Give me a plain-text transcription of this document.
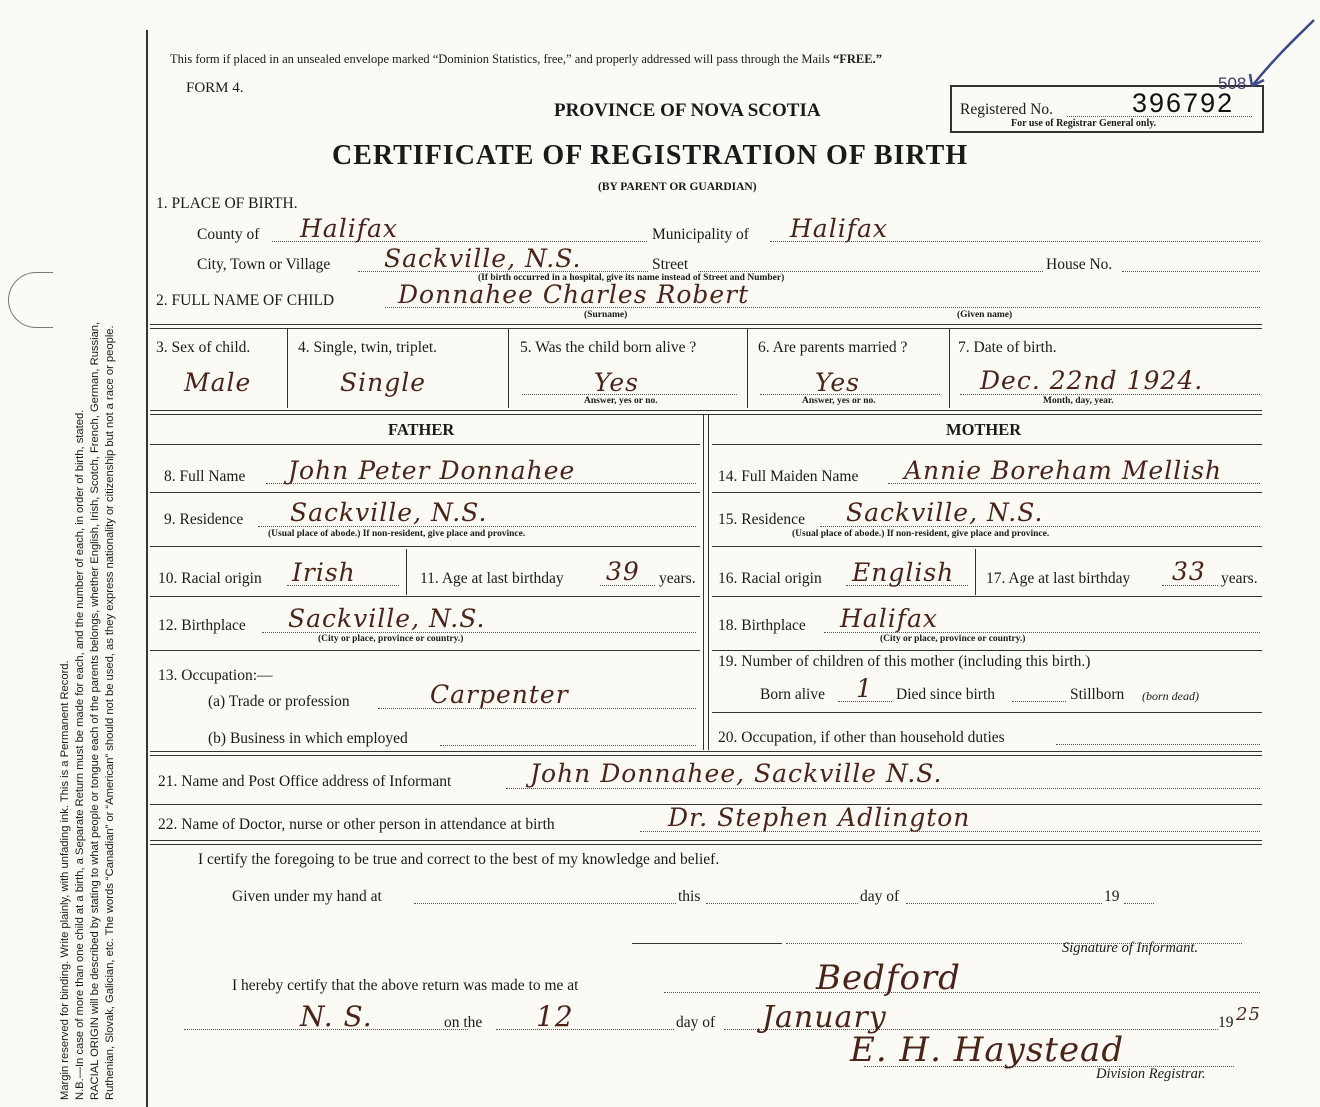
Margin reserved for binding. Write plainly, with unfading ink. This is a Permanent Record. N.B.—In case of more than one child at a birth, a Separate Return must be made for each, and the number of each, in order of birth, stated. RACIAL ORIGIN will be described by stating to what people or tongue each of the parents belongs, whether English, Irish, Scotch, French, German, Russian, Ruthenian, Slovak, Galician, etc. The words “Canadian” or “American” should not be used, as they express nationality or citizenship but not a race or people.
This form if placed in an unsealed envelope marked “Dominion Statistics, free,” and properly addressed will pass through the Mails “FREE.”
FORM 4.
PROVINCE OF NOVA SCOTIA
CERTIFICATE OF REGISTRATION OF BIRTH
(BY PARENT OR GUARDIAN)
Registered No.	396792
508
For use of Registrar General only.
1. PLACE OF BIRTH.
County of Halifax	Municipality of Halifax
City, Town or Village Sackville, N.S.	Street	House No.
(If birth occurred in a hospital, give its name instead of Street and Number)
2. FULL NAME OF CHILD	Donnahee Charles Robert
(Surname)	(Given name)
3. Sex of child.
Male
4. Single, twin, triplet.
Single
5. Was the child born alive ?
Yes
Answer, yes or no.
6. Are parents married ?
Yes
Answer, yes or no.
7. Date of birth.
Dec. 22nd 1924.
Month, day, year.
FATHER	MOTHER
8. Full Name John Peter Donnahee
9. Residence Sackville, N.S.
(Usual place of abode.) If non-resident, give place and province.
10. Racial origin Irish	11. Age at last birthday 39 years.
12. Birthplace Sackville, N.S.
(City or place, province or country.)
13. Occupation:—
(a) Trade or profession	Carpenter
(b) Business in which employed
14. Full Maiden Name Annie Boreham Mellish
15. Residence Sackville, N.S.
(Usual place of abode.) If non-resident, give place and province.
16. Racial origin English 17. Age at last birthday 33 years.
18. Birthplace Halifax
(City or place, province or country.)
19. Number of children of this mother (including this birth.)
Born alive 1 Died since birth	Stillborn (born dead)
20. Occupation, if other than household duties
21. Name and Post Office address of Informant	John Donnahee, Sackville N.S.
22. Name of Doctor, nurse or other person in attendance at birth	Dr. Stephen Adlington
I certify the foregoing to be true and correct to the best of my knowledge and belief.
Given under my hand at	this	day of	19
Signature of Informant.
I hereby certify that the above return was made to me at	Bedford
N. S.	on the 12	day of January	19 25
E. H. Haystead
Division Registrar.
